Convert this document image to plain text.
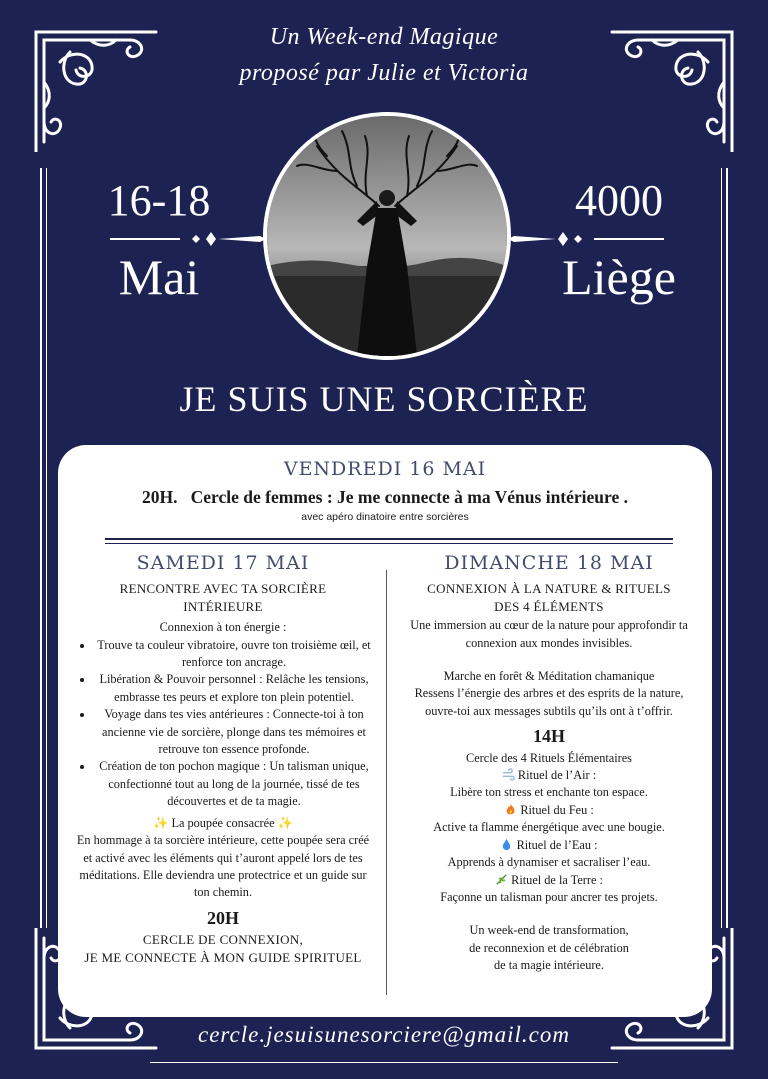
Un Week-end Magique
proposé par Julie et Victoria
16-18
Mai
4000
Liège
JE SUIS UNE SORCIÈRE

VENDREDI 16 MAI

20H. Cercle de femmes : Je me connecte à ma Vénus intérieure .
avec apéro dinatoire entre sorcières

SAMEDI 17 MAI

RENCONTRE AVEC TA SORCIÈRE

INTÉRIEURE

Connexion à ton énergie :

• Trouve ta couleur vibratoire, ouvre ton troisième œil, et renforce ton ancrage.
• Libération & Pouvoir personnel : Relâche les tensions, embrasse tes peurs et explore ton plein potentiel.
• Voyage dans tes vies antérieures : Connecte-toi à ton ancienne vie de sorcière, plonge dans tes mémoires et retrouve ton essence profonde.
• Création de ton pochon magique : Un talisman unique, confectionné tout au long de la journée, tissé de tes découvertes et de ta magie.

✨ La poupée consacrée ✨

En hommage à ta sorcière intérieure, cette poupée sera créé et activé avec les éléments qui t’auront appelé lors de tes méditations. Elle deviendra une protectrice et un guide sur ton chemin.

20H

CERCLE DE CONNEXION,

JE ME CONNECTE À MON GUIDE SPIRITUEL

DIMANCHE 18 MAI

CONNEXION À LA NATURE & RITUELS

DES 4 ÉLÉMENTS

Une immersion au cœur de la nature pour approfondir ta connexion aux mondes invisibles.

Marche en forêt & Méditation chamanique

Ressens l’énergie des arbres et des esprits de la nature, ouvre-toi aux messages subtils qu’ils ont à t’offrir.

14H

Cercle des 4 Rituels Élémentaires

Rituel de l’Air :

Libère ton stress et enchante ton espace.

Rituel du Feu :

Active ta flamme énergétique avec une bougie.

Rituel de l’Eau :

Apprends à dynamiser et sacraliser l’eau.

Rituel de la Terre :

Façonne un talisman pour ancrer tes projets.

Un week-end de transformation,

de reconnexion et de célébration

de ta magie intérieure.

cercle.jesuisunesorciere@gmail.com
